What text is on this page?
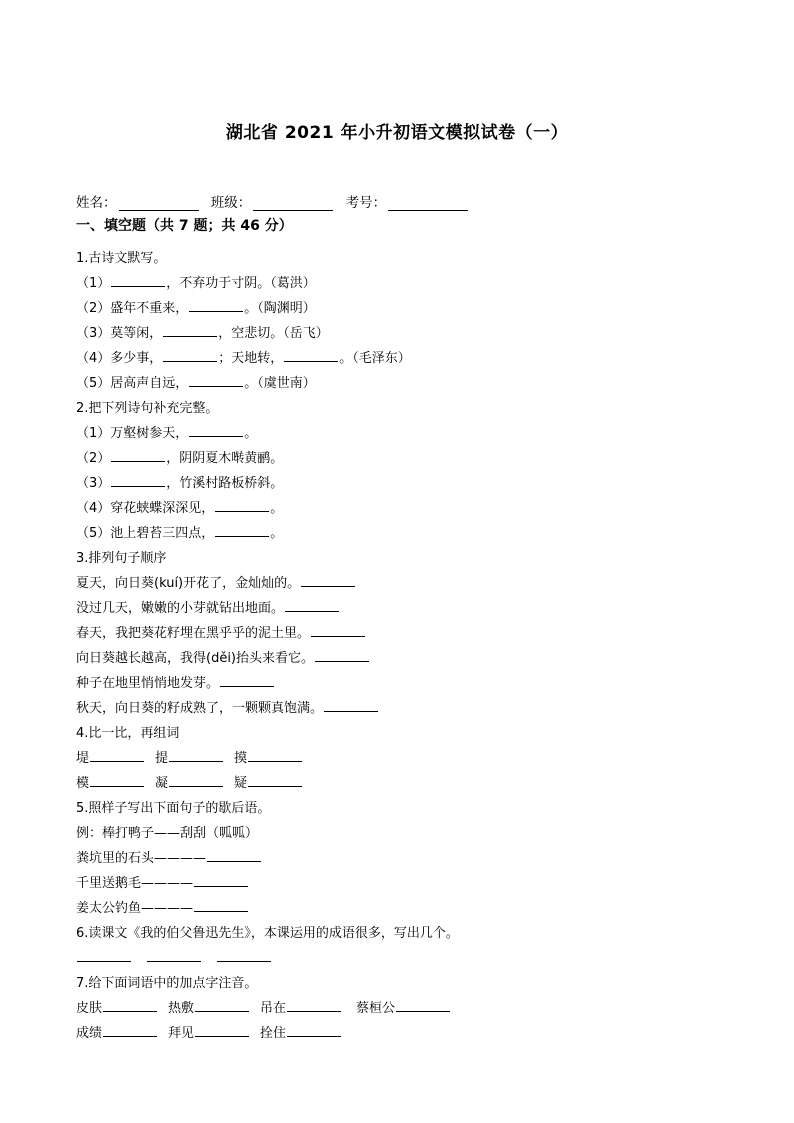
湖北省 2021 年小升初语文模拟试卷（一）
姓名：	班级：	考号：
一、填空题（共 7 题；共 46 分）
1.古诗文默写。
（1）	，不弃功于寸阴。（葛洪）
（2）盛年不重来，	。（陶渊明）
（3）莫等闲，	，空悲切。（岳飞）
（4）多少事，	；天地转，	。（毛泽东）
（5）居高声自远，	。（虞世南）
2.把下列诗句补充完整。
（1）万壑树参天，	。
（2）	，阴阴夏木啭黄鹂。
（3）	，竹溪村路板桥斜。
（4）穿花蛱蝶深深见，	。
（5）池上碧苔三四点，	。
3.排列句子顺序
夏天，向日葵(kuí)开花了，金灿灿的。
没过几天，嫩嫩的小芽就钻出地面。
春天，我把葵花籽埋在黑乎乎的泥土里。
向日葵越长越高，我得(děi)抬头来看它。
种子在地里悄悄地发芽。
秋天，向日葵的籽成熟了，一颗颗真饱满。
4.比一比，再组词
堤	提	摸
模	凝	疑
5.照样子写出下面句子的歇后语。
例：棒打鸭子——刮刮（呱呱）
粪坑里的石头————
千里送鹅毛————
姜太公钓鱼————
6.读课文《我的伯父鲁迅先生》，本课运用的成语很多，写出几个。
7.给下面词语中的加点字注音。
皮肤	热敷	吊在	蔡桓公
成绩	拜见	拴住
